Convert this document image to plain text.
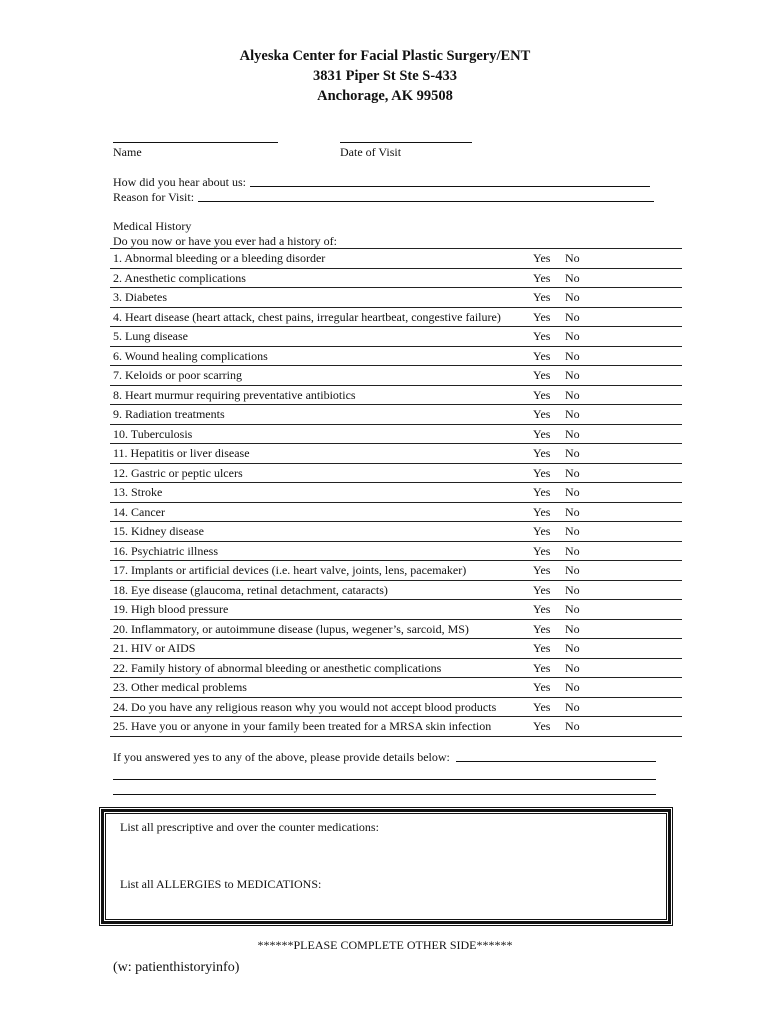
Alyeska Center for Facial Plastic Surgery/ENT
3831 Piper St Ste S-433
Anchorage, AK 99508
Name	Date of Visit
How did you hear about us:
Reason for Visit:
Medical History
Do you now or have you ever had a history of:
1. Abnormal bleeding or a bleeding disorder	Yes No
2. Anesthetic complications	Yes No
3. Diabetes	Yes No
4. Heart disease (heart attack, chest pains, irregular heartbeat, congestive failure)	Yes No
5. Lung disease	Yes No
6. Wound healing complications	Yes No
7. Keloids or poor scarring	Yes No
8. Heart murmur requiring preventative antibiotics	Yes No
9. Radiation treatments	Yes No
10. Tuberculosis	Yes No
11. Hepatitis or liver disease	Yes No
12. Gastric or peptic ulcers	Yes No
13. Stroke	Yes No
14. Cancer	Yes No
15. Kidney disease	Yes No
16. Psychiatric illness	Yes No
17. Implants or artificial devices (i.e. heart valve, joints, lens, pacemaker)	Yes No
18. Eye disease (glaucoma, retinal detachment, cataracts)	Yes No
19. High blood pressure	Yes No
20. Inflammatory, or autoimmune disease (lupus, wegener’s, sarcoid, MS)	Yes No
21. HIV or AIDS	Yes No
22. Family history of abnormal bleeding or anesthetic complications	Yes No
23. Other medical problems	Yes No
24. Do you have any religious reason why you would not accept blood products	Yes No
25. Have you or anyone in your family been treated for a MRSA skin infection	Yes No
If you answered yes to any of the above, please provide details below:
List all prescriptive and over the counter medications:
List all ALLERGIES to MEDICATIONS:
******PLEASE COMPLETE OTHER SIDE******
(w: patienthistoryinfo)
